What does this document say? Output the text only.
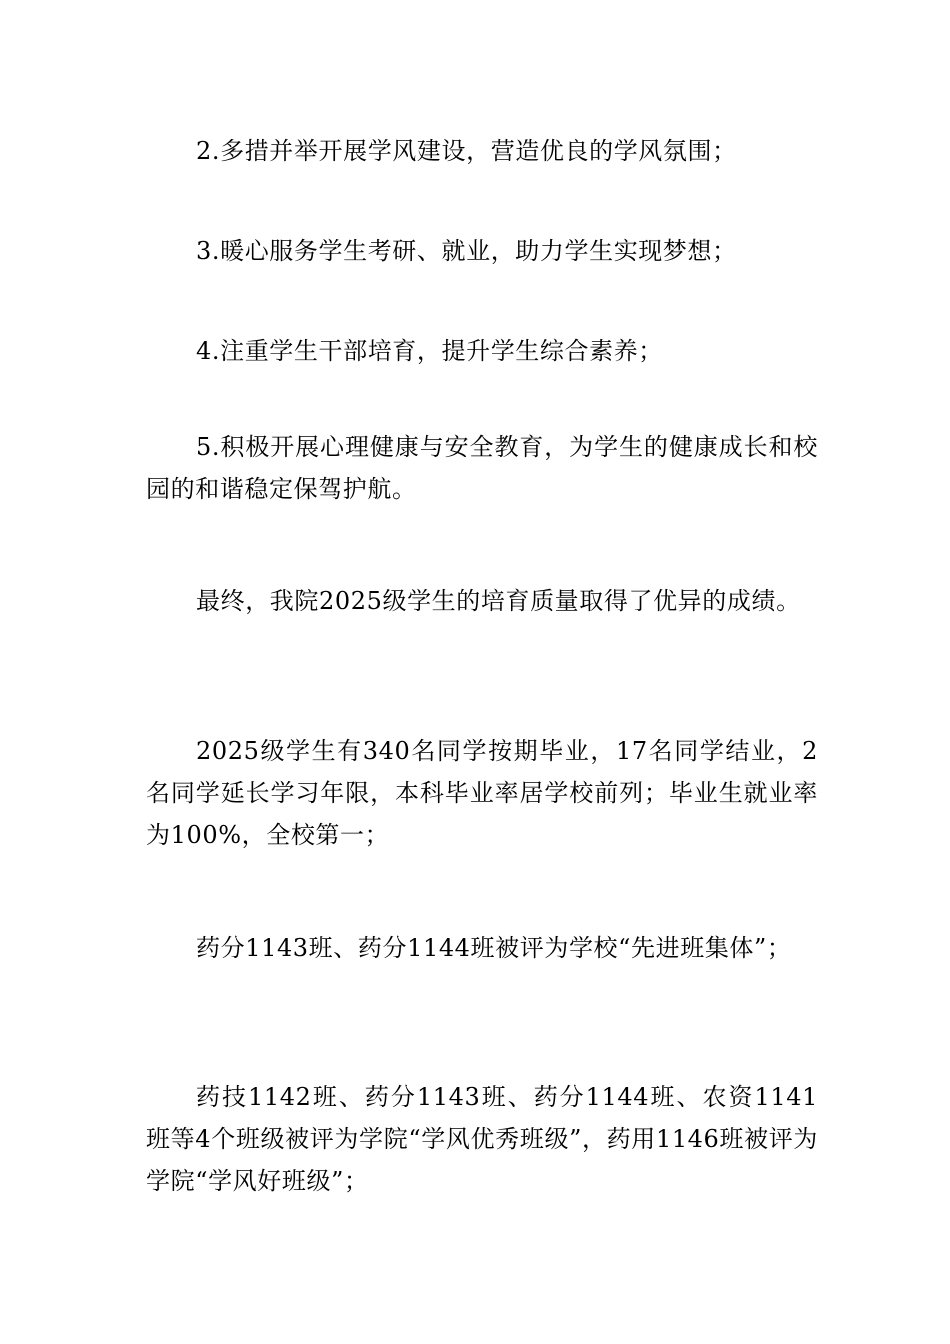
2.多措并举开展学风建设，营造优良的学风氛围；

3.暖心服务学生考研、就业，助力学生实现梦想；

4.注重学生干部培育，提升学生综合素养；

5.积极开展心理健康与安全教育，为学生的健康成长和校园的和谐稳定保驾护航。

最终，我院2025级学生的培育质量取得了优异的成绩。

2025级学生有340名同学按期毕业，17名同学结业，2名同学延长学习年限，本科毕业率居学校前列；毕业生就业率为100%，全校第一；

药分1143班、药分1144班被评为学校“先进班集体”；

药技1142班、药分1143班、药分1144班、农资1141班等4个班级被评为学院“学风优秀班级”，药用1146班被评为学院“学风好班级”；
